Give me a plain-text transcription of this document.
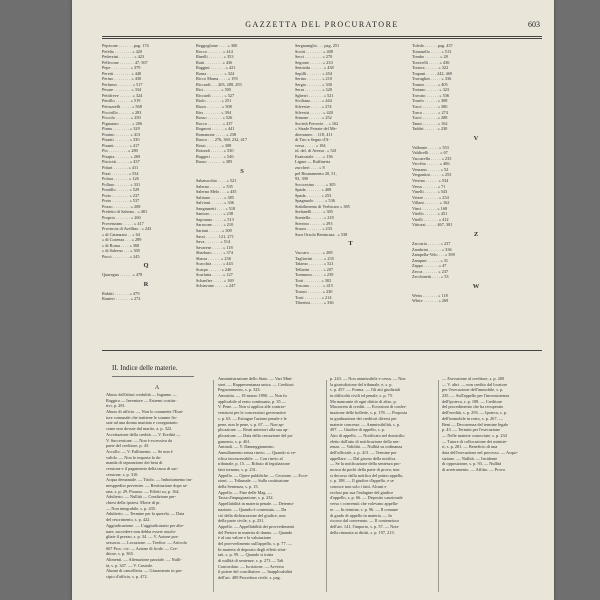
GAZZETTA DEL PROCURATORE	603
Pepicone . . . . . . . pag. 174
Pefelio . . . . . . . . » 420
Pederzini . . . . . . . » 423
Pellecone . . . . . . . 47, 567
Pepe . . . . . . . . . » 379
Peretti . . . . . . . . » 440
Perino . . . . . . . . » 430
Perfumo . . . . . . . » 517
Pesare . . . . . . . . » 334
Petitfreve . . . . . . » 324
Petrillo . . . . . . . » 519
Petruzzelli . . . . . » 568
Piccirillo . . . . . . » 283
Piccolo . . . . . . . » 250
Pignataro . . . . . . » 206
Pinna . . . . . . . . » 329
Piraino . . . . . . . » 413
Pisanti . . . . . . . » 330
Pisanù . . . . . . . » 417
Pio . . . . . . . . . » 280
Pisapia . . . . . . . » 269
Pisciotti . . . . . . » 437
Pittari . . . . . . . » 411
Pizzi . . . . . . . . » 534
Polara . . . . . . . » 126
Pollaro . . . . . . . » 331
Pontillo . . . . . . » 529
Porto . . . . . . . . » 237
Porto . . . . . . . . » 537
Pozzo . . . . . . . . » 208
Prefetto di Salerno . » 481
Proprio . . . . . . . » 260
Provenzano . . . . . » 417
Provincia di Avellino . » 243
» di Catanzaro . . » 64
» di Cosenza . . . » 289
» di Roma . . . . » 368
» di Salerno . . . » 305
Pucci . . . . . . . . » 245
Q
Quaregna . . . . . . » 478
R
Rabitti . . . . . . . » 479
Ranieri . . . . . . . » 272
Reggoglione . . . . » 300
Rocco . . . . . . . » 414
Rinelli . . . . . . . » 353
Ratti . . . . . . . . » 436
Raggini . . . . . . . » 421
Roma . . . . . . . . » 324
Ricco Marna . . . . » 193
Riccardi . . . 203, 288, 293
Rici . . . . . . . . » 505
Riccardi . . . . . . » 527
Riolo . . . . . . . » 251
Rizzo . . . . . . . » 508
Rirs . . . . . . . . » 394
Rosso . . . . . . . » 526
Rocca . . . . . . . » 237
Rognoni . . . . . . » 441
Romanone . . . . . » 238
Ruoco . . . 276, 369, 232, 417
Rossi . . . . . . . » 308
Rotondi . . . . . . » 530
Ruggeri . . . . . . » 546
Russo . . . . . . . » 385
S
Sabatucchio . . . . » 521
Salerno . . . . . . » 535
Salerno Melo . . . » 435
Salinaro . . . . . . » 385
Salvioni . . . . . . » 336
Sangrunetti . . . . » 518
Santoro . . . . . . » 238
Saponaro . . . . . » 513
Saracone . . . . . » 210
Sartani . . . . . . » 309
Sassi . . . . . . 121, 271
Sava . . . . . . . » 514
Savarese . . . . . » 118
Sbarbaro . . . . . » 374
Sbarra . . . . . . » 236
Scacchia . . . . . » 443
Scarpa . . . . . . » 240
Scarfatta . . . . . » 127
Schaefter . . . . . » 169
Schiavone . . . . . » 247
Sergnaniglio . . . pag. 251
Scotti . . . . . . . . » 408
Secci . . . . . . . . » 270
Segrone . . . . . . » 233
Semioda . . . . . . » 438
Sepilli . . . . . . . » 454
Serino . . . . . . . » 210
Sergio . . . . . . . » 330
Serra . . . . . . . . » 320
Sgherri . . . . . . . » 521
Siciliano . . . . . » 444
Silvestre . . . . . » 274
Silvestri . . . . . . » 420
Simone . . . . . . » 252
Società Ferrovie . . » 162
» Strade Ferrate del Me-
diterraneo . . 118, 411
di Tiro a Segno d'A-
versa . . . . . » 184
id. del. di Aversa . » 541
Esattoriale . . . . » 136
Ligure — Raffineria
zuccheri . . . . » 8
pel Risanamento 20, 51,
93, 390
Soccorsino . . . . . » 305
Spada . . . . . . . » 408
Spada . . . . . . . » 253
Spagnuolo . . . . . » 536
Stabilimento di Verbicaro » 385
Stefanelli . . . . . » 305
Stentella . . . . . . » 218
Sterrino . . . . . . » 293
Sturzo . . . . . . . » 233
Suor Orsola Benincasa . » 538
T
Vaccaro . . . . . . » 208
Tagliavini . . . . . » 235
Talamo . . . . . . . » 521
Tellarini . . . . . . » 207
Tommaso . . . . . » 239
Torti . . . . . . . . » 302
Toscano . . . . . . » 415
Tosoni . . . . . . . » 230
Tosti . . . . . . . . » 214
Tibertini . . . . . . » 336
Toledo . . . . . . pag. 437
Tomasello . . . . . » 513
Tombo . . . . . . . » 28
Torricelli . . . . . » 436
Tortora . . . . . . » 322
Trapani . . . . . 242, 469
Travaglini . . . . . » 336
Tranzo . . . . . . » 405
Troiano . . . . . . » 323
Trovato . . . . . . » 536
Tronfo . . . . . . » 308
Tucci . . . . . . . » 380
Turco . . . . . . . » 274
Tucci . . . . . . . » 288
Tanni . . . . . . . » 162
Taddei . . . . . . » 230
V
Valbonte . . . . . » 553
Valdicelli . . . . . » 67
Vaccarella . . . . . » 235
Vecchio . . . . . . » 406
Venzano . . . . . . » 52
Vergantini . . . . . » 253
Verrina . . . . . . » 534
Vessa . . . . . . . » 71
Vinelli . . . . . . » 543
Vetere . . . . . . . » 254
Villani . . . . . . . » 162
Vinci . . . . . . . » 168
Vitello . . . . . . » 451
Vitelli . . . . . . . » 412
Vittozzi . . . . . 467, 381
Z
Zaccaria . . . . . . » 237
Zambrini . . . . . . » 336
Zampella-Velo . . . » 398
Zampini . . . . . . » 31
Zappa . . . . . . . » 47
Zecca . . . . . . . » 237
Zecchinetti . . . . » 53
W
Weiss . . . . . . . » 118
White . . . . . . . » 269
II. Indice delle materie.
A
Abuso dell'altrui credulità — Inganno —
Raggiro — Inventore — Estremi costitu-
tivi, p. 281.
Abuso di ufficio. — Non lo commette l'Esat-
tore comunale che trattiene le somme fis-
sate ad una donna maritata e cosegnatario
come non dovute dal marito, a. p. 322.
Accettazione della credità. — V. Eredità —
V. Successione. — Non è eccessiva da
parte del creditore, p. 43.
Accollo. — V. Fallimento. — Se non è
valido. — Non lo importa la do-
manda di separazione dei beni di
cessione e il pagamento della tassa di suc-
cessione, s. p. 310.
Acqua demaniale. — Titolo. — Imbottamento im-
mesppedito pervenire. — Restituzione dopo se-
rata, s. p. 29. Pioasso. — Effetti su, p. 164.
Adulterio. — Nullità — Condizione per-
chiesi della ipotesi. Morte di pi.
— Non integrabile, s. p. 435.
Adulterio. — Termine per la querela. — Data
del rescrimento, s. p. 422.
Aggiudicazione. — L'aggiudicatario per alie-
nare, succedere non debba essere assolo-
gliate il prezzo, s. p. 34. — V. Azione pos-
sessoria. — Locazione. — Tredice. — Articolo
667 Proc. civ. — Azione di frode. — Cre-
ditore, s. p. 365.
Alimenti. — Alienazione parziale. — Nulli-
tà, s. p. 347. — V. Custode.
Alunni di cancelleria. — Giuramento in pro-
cipio d'ufficio, s. p. 472.
Amministrazione dello Stato. — Vari Mini-
steri. — Rappresentanza unica. — Creditori.
Pegnoramento, s. p. 323.
Amnistia. — 18 marzo 1890. — Non fu
applicabile al reato continuato, p. 35 —
V. Pene. — Non si applica alle contrav-
venzioni per le concessioni governative
s. p. 63. — Estingue l'azione penale e le
pene, non le pene, s. p. 67. — Non ap-
plicazione. — Reati anteriori alla sua ap-
plicazione. — Data della cessazione del pa-
gamento, s. p. 461.
Animali. — V. Danneggiamento.
Annullamento senza rinvio. — Quando si ve-
rifica inconcessibile. — Con rinvio al
tribunale, p. 15. — Rifiuto di legislazione
fatti tornano, s. p. 231.
Appello. — Opere pubbliche. — Cessione. — Ecce-
zioni. — Tribunale. — Sulla costituzione
della Sentenza, s. p. 15.
Appello. — Fine delle Mag. —
Tassa d'impugnazione, s. p. 232.
Appellabilità in materia penale. — Determi-
nazione. — Quando è contestata. — Da
ciò della dichiarazione del giudice, non
della parte civile, s. p. 231.
Appello. — Appellabilità dei provvedimenti
del Pretore in materia di danno. — Quando
è al suo valore e la valutazione
del provvedimento sull'appello, s. p. 77. —
In materia di deposito degli effetti sfrat-
tati, s. p. 99. — Quando si tratta
di nullità di sentenze, s. p. 273 — Tali
Concordato. — Iscrizione. — Avverso
il potere del conciliatore. — Inapplicabilità
dell'art. 489 Procedura civile, s. pag.
p. 243. — Non ammissibile e cessa. — Non
la giurisdizione del tribunale, e, s. p.
s. p. 457. — Forma. — Gli atti giudiziali
in difficoltà civili ed penale, s. p. 75.
Ma mancante di ogni diritto di altro, p.
Macrorem di crediti. — Eccezioni di confer-
mazione delle bollette, s. p. 178. — Proposta
in graduazione dei creditori diversi per
materie concesse. — Ammissibilità, s. p.
497. — Giudice di appello, s. p.
Atto di appello. — Notificato nel domicilio
eletto dall'atto di notificazione della sen-
tenza. — Validità. — Nullità su ordinanza
dell'ufficiale, s. p. 413. — Termine per
appellare. — Dal giorno della notifica
— Se la notificazione della sentenza pro-
mossa da pochi della parte di prova, non
si decorso dalla notifica del primo appello,
s. p. 188. — Il giudice d'appello, e se
conosce non solo i fatti. Alcuni e
esclusi pur sua l'indagine del giudice
d'appello, s. p. 66. — Deposito cauzionale
verso i convenuti che volevano appella-
re. — In termine, s. p. 96. — Il comune
di grado di appello in materia. — In
ricorso dal convenuto. — Il contenzioso
dell'art. 141, l'importo, s. p. 57. — Note
della rinunzia ai diritti, s. p. 197, 213.
— Esecuzione al creditore, s. p. 200
— V. altri. — non credito dal locatore
per l'esecuzione dell'immobile, s. p.
235. — Sull'appello per l'inconsistenza
dell'ipoteca, s. p. 188. — Creditore
del procedimento che ha recuperato
dell'eredità, s. p. 293. — Ipoteca, s. p.
dell'immobile in reato, s. p. 267. —
Beni — Decorrenza del termine legale
p. 43. — Termini per l'esecuzione
— Nelle materie conosciute, s. p. 234
— Tutore di collocazione dei ministe-
ri, s. p. 281. — Beneficio di una
data dell'esecuzione nel processo. — Acqui-
sizione. — Nullità. — Incidente
di opposizione, s. p. 93. — Nullità
di arretramento. — Affitto. — Prova
